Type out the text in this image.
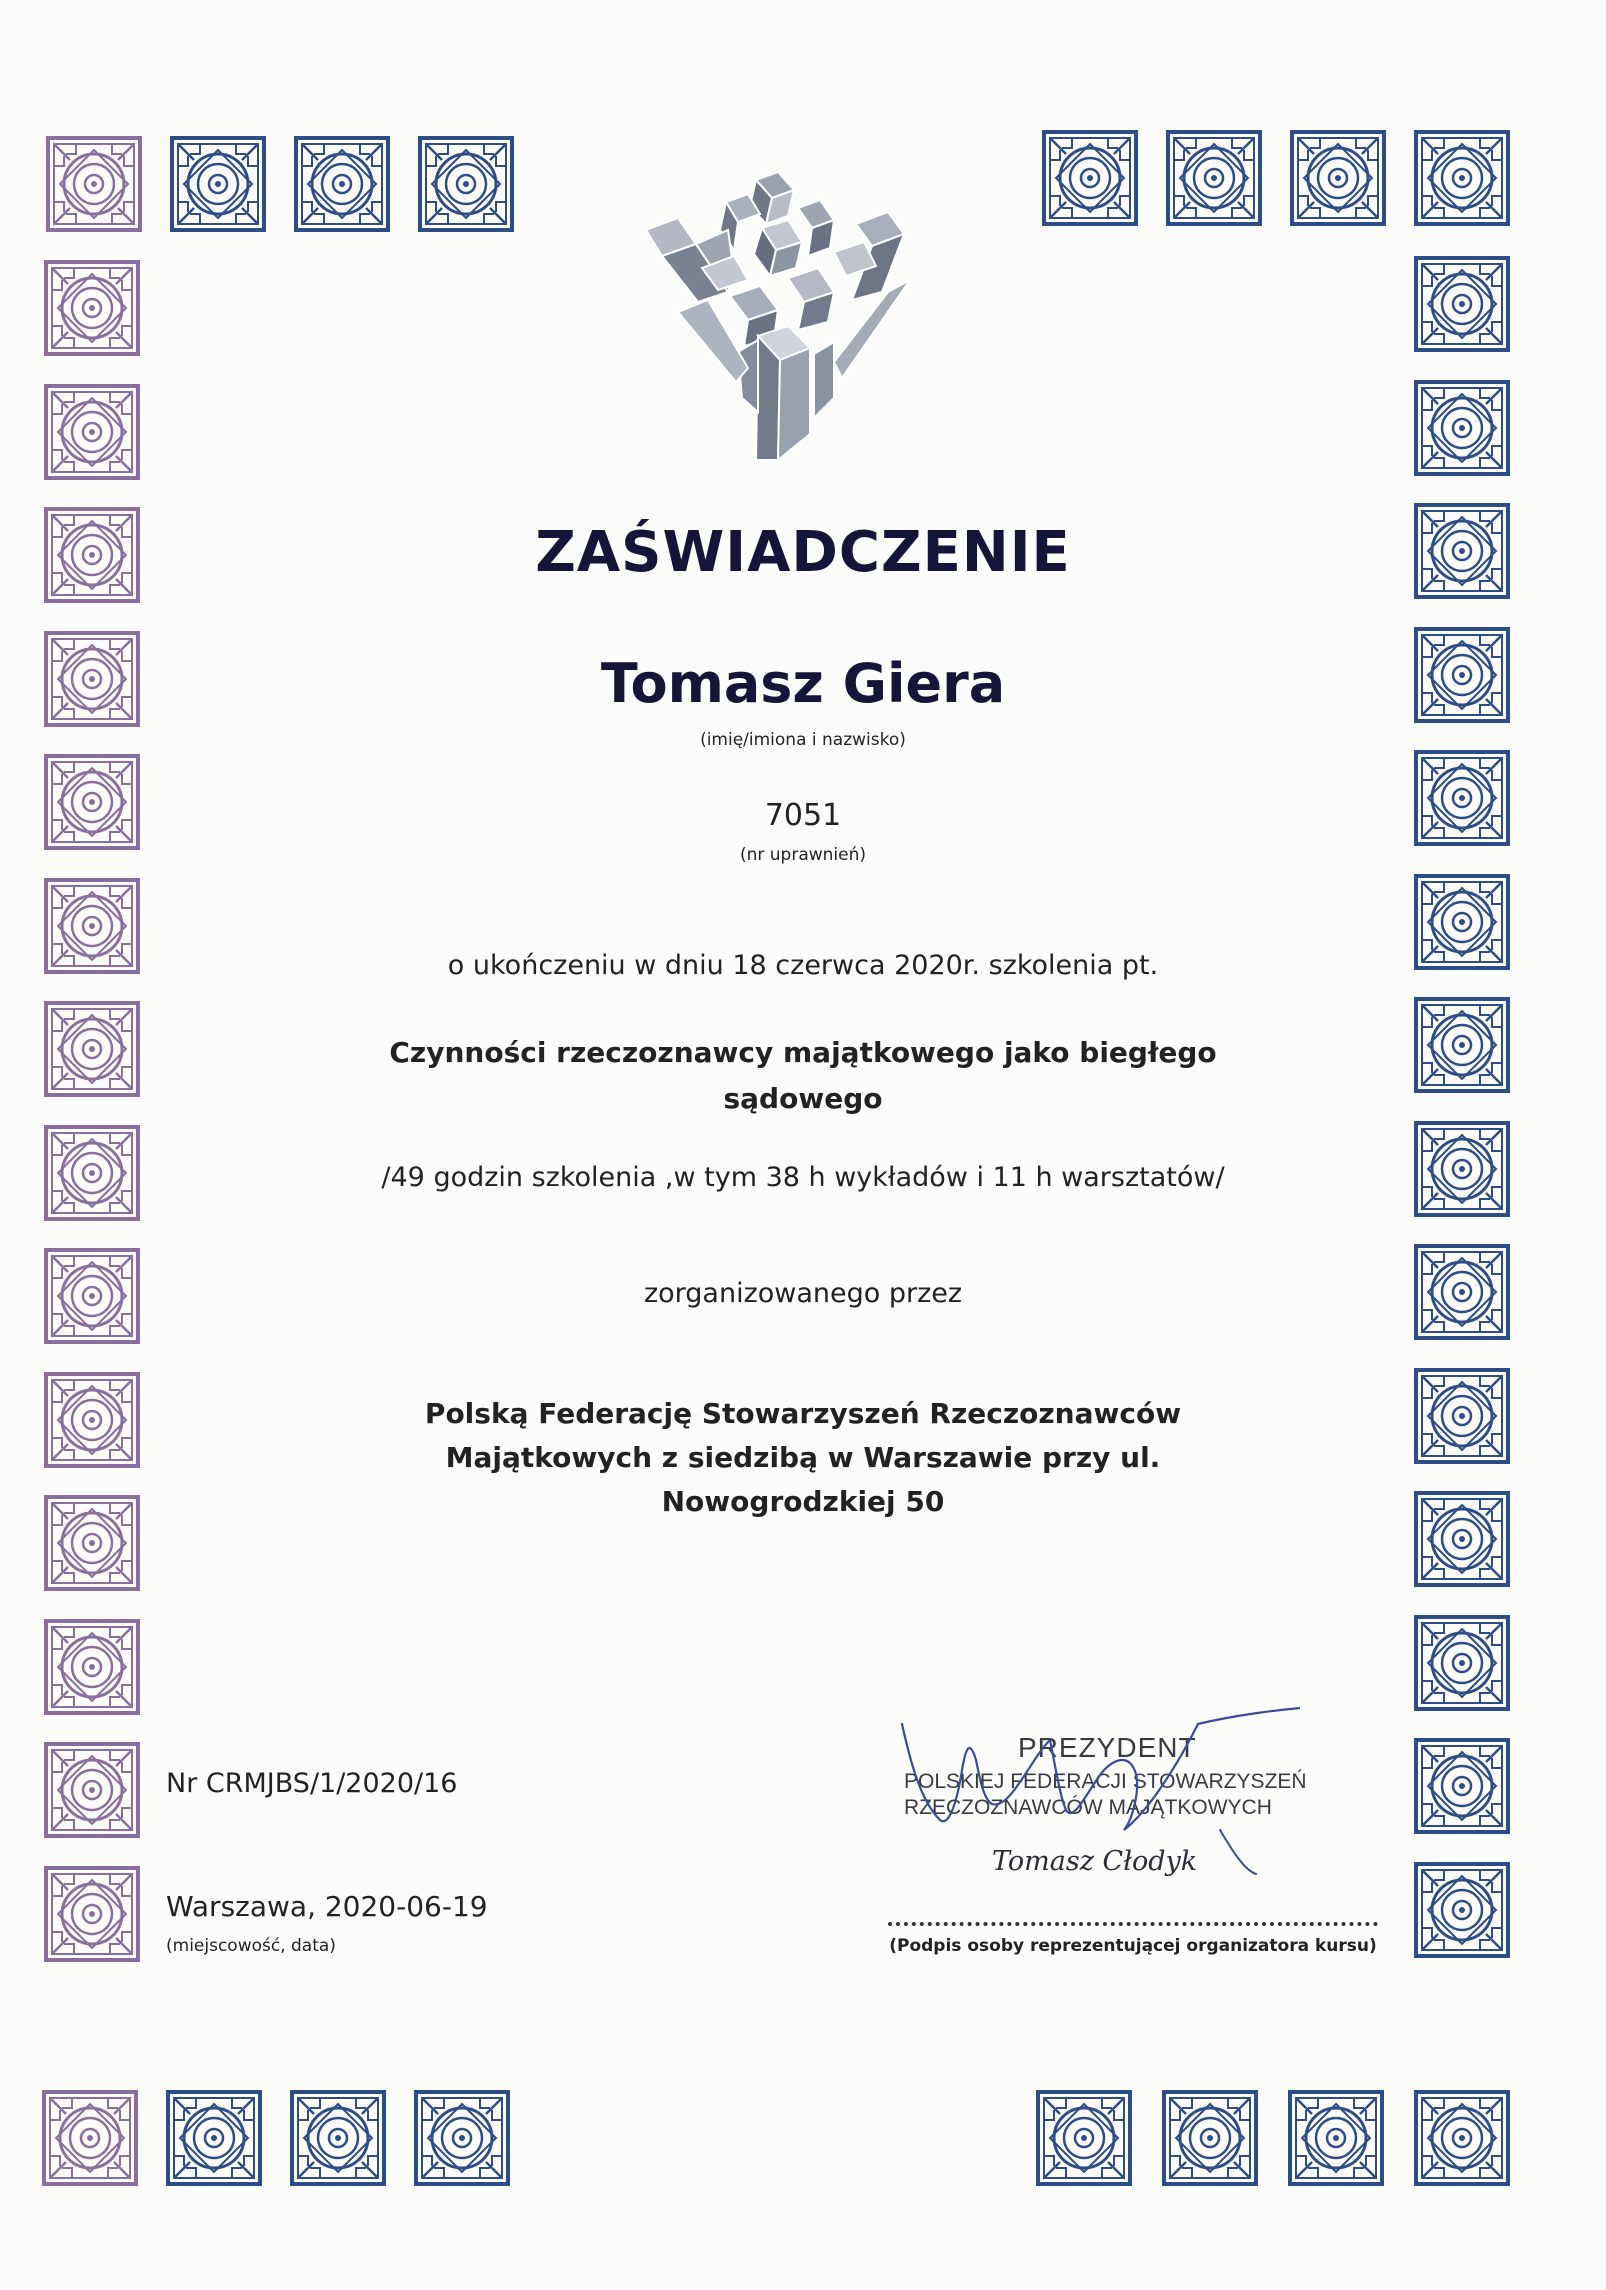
ZAŚWIADCZENIE
Tomasz Giera
(imię/imiona i nazwisko)
7051
(nr uprawnień)
o ukończeniu w dniu 18 czerwca 2020r. szkolenia pt.
Czynności rzeczoznawcy majątkowego jako biegłego
sądowego
/49 godzin szkolenia ,w tym 38 h wykładów i 11 h warsztatów/
zorganizowanego przez
Polską Federację Stowarzyszeń Rzeczoznawców
Majątkowych z siedzibą w Warszawie przy ul.
Nowogrodzkiej 50
Nr CRMJBS/1/2020/16
Warszawa, 2020-06-19
(miejscowość, data)
PREZYDENT
POLSKIEJ FEDERACJI STOWARZYSZEŃ
RZECZOZNAWCÓW MAJĄTKOWYCH
Tomasz Cłodyk
(Podpis osoby reprezentującej organizatora kursu)
